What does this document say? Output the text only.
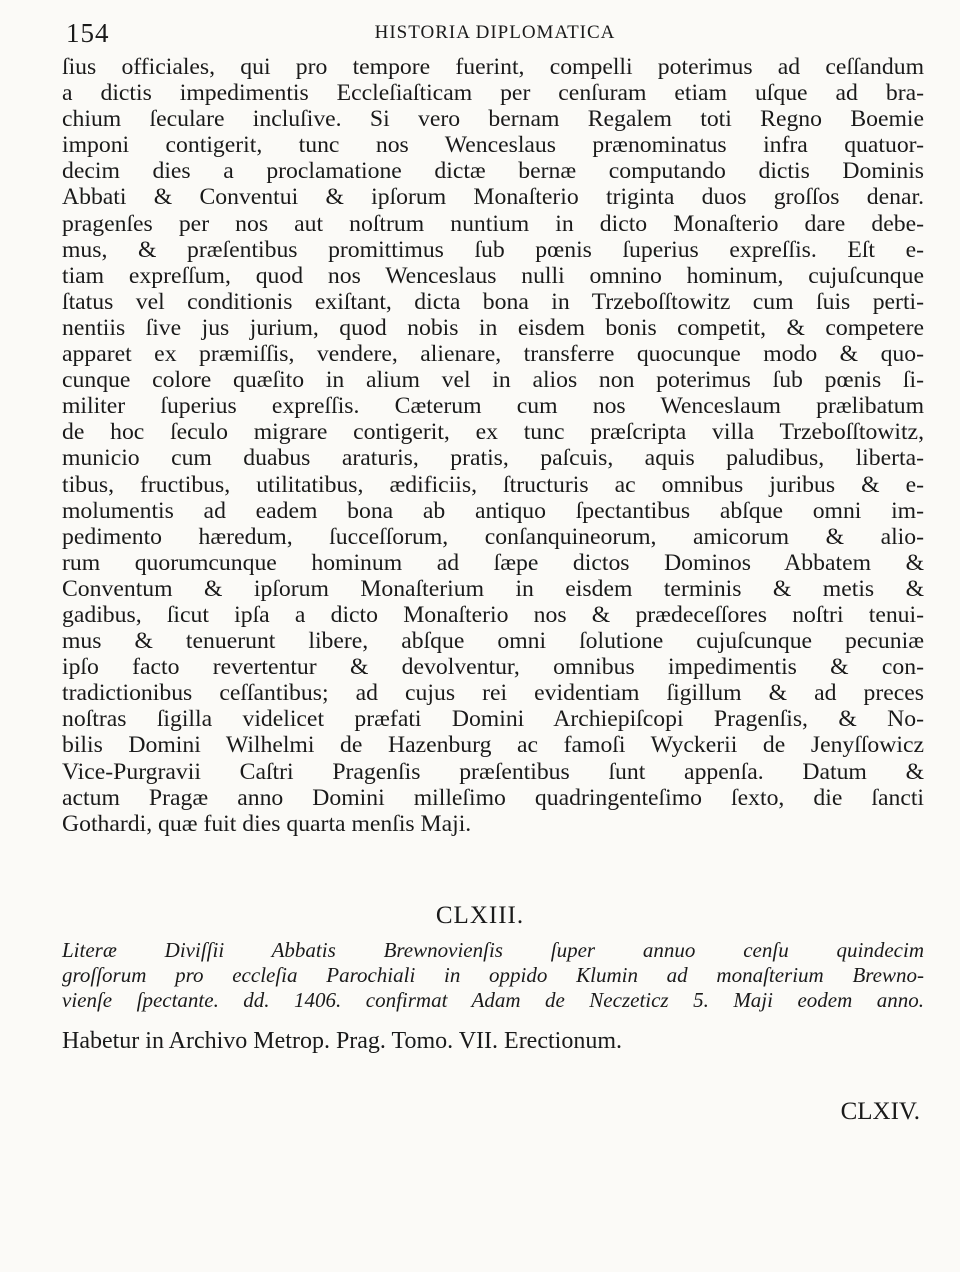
154	HISTORIA DIPLOMATICA
ſius officiales, qui pro tempore fuerint, compelli poterimus ad ceſſandum
a dictis impedimentis Eccleſiaſticam per cenſuram etiam uſque ad bra-
chium ſeculare incluſive. Si vero bernam Regalem toti Regno Boemie
imponi contigerit, tunc nos Wenceslaus prænominatus infra quatuor-
decim dies a proclamatione dictæ bernæ computando dictis Dominis
Abbati & Conventui & ipſorum Monaſterio triginta duos groſſos denar.
pragenſes per nos aut noſtrum nuntium in dicto Monaſterio dare debe-
mus, & præſentibus promittimus ſub pœnis ſuperius expreſſis. Eſt e-
tiam expreſſum, quod nos Wenceslaus nulli omnino hominum, cujuſcunque
ſtatus vel conditionis exiſtant, dicta bona in Trzeboſſtowitz cum ſuis perti-
nentiis ſive jus jurium, quod nobis in eisdem bonis competit, & competere
apparet ex præmiſſis, vendere, alienare, transferre quocunque modo & quo-
cunque colore quæſito in alium vel in alios non poterimus ſub pœnis ſi-
militer ſuperius expreſſis. Cæterum cum nos Wenceslaum prælibatum
de hoc ſeculo migrare contigerit, ex tunc præſcripta villa Trzeboſſtowitz,
municio cum duabus araturis, pratis, paſcuis, aquis paludibus, liberta-
tibus, fructibus, utilitatibus, ædificiis, ſtructuris ac omnibus juribus & e-
molumentis ad eadem bona ab antiquo ſpectantibus abſque omni im-
pedimento hæredum, ſucceſſorum, conſanquineorum, amicorum & alio-
rum quorumcunque hominum ad ſæpe dictos Dominos Abbatem &
Conventum & ipſorum Monaſterium in eisdem terminis & metis &
gadibus, ſicut ipſa a dicto Monaſterio nos & prædeceſſores noſtri tenui-
mus & tenuerunt libere, abſque omni ſolutione cujuſcunque pecuniæ
ipſo facto revertentur & devolventur, omnibus impedimentis & con-
tradictionibus ceſſantibus; ad cujus rei evidentiam ſigillum & ad preces
noſtras ſigilla videlicet præfati Domini Archiepiſcopi Pragenſis, & No-
bilis Domini Wilhelmi de Hazenburg ac famoſi Wyckerii de Jenyſſowicz
Vice-Purgravii Caſtri Pragenſis præſentibus ſunt appenſa. Datum &
actum Pragæ anno Domini milleſimo quadringenteſimo ſexto, die ſancti
Gothardi, quæ fuit dies quarta menſis Maji.
CLXIII.
Literæ Diviſſii Abbatis Brewnovienſis ſuper annuo cenſu quindecim
groſſorum pro eccleſia Parochiali in oppido Klumin ad monaſterium Brewno-
vienſe ſpectante. dd. 1406. confirmat Adam de Neczeticz 5. Maji eodem anno.
Habetur in Archivo Metrop. Prag. Tomo. VII. Erectionum.
CLXIV.
